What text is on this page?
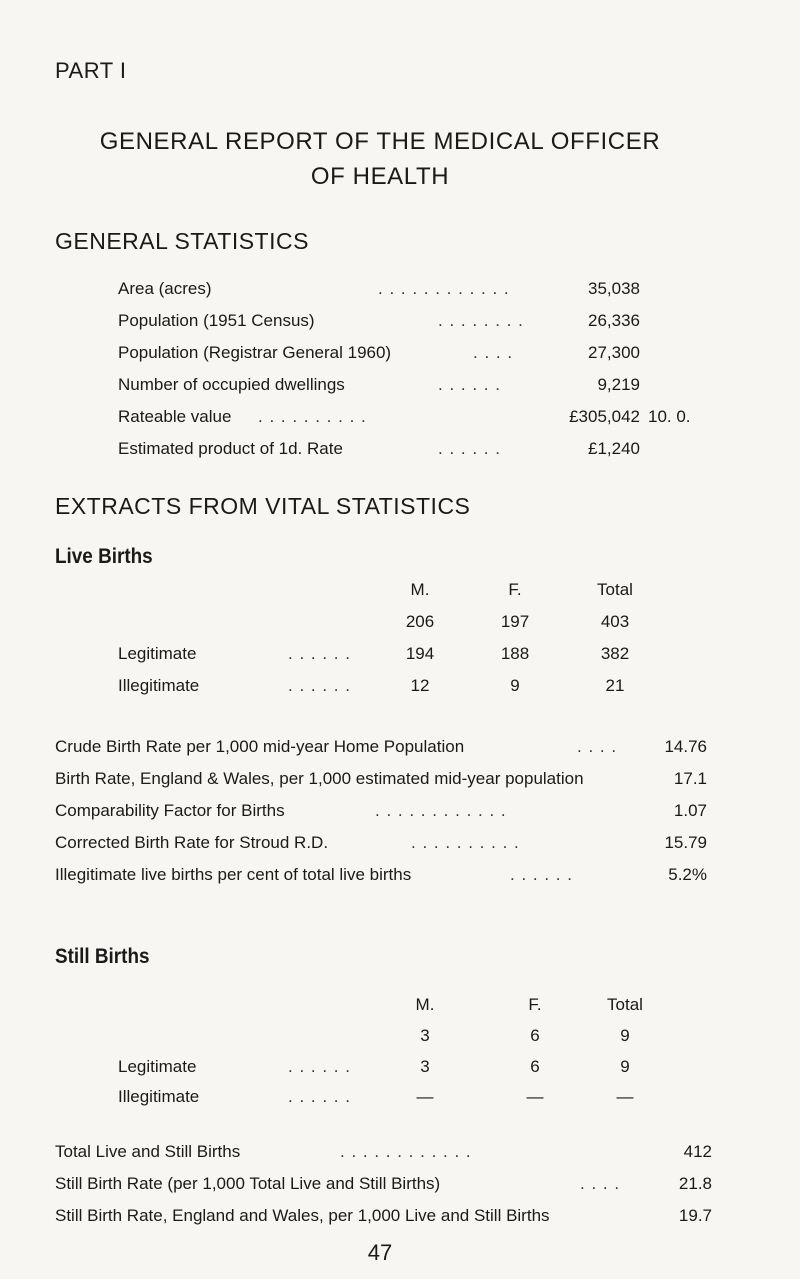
PART I
GENERAL REPORT OF THE MEDICAL OFFICER
OF HEALTH
GENERAL STATISTICS
Area (acres)	. . . . . . . . . . . .	35,038
Population (1951 Census)	. . . . . . . .	26,336
Population (Registrar General 1960)	. . . .	27,300
Number of occupied dwellings	. . . . . .	9,219
Rateable value . . . . . . . . . .	£305,042 10. 0.
Estimated product of 1d. Rate	. . . . . .	£1,240
EXTRACTS FROM VITAL STATISTICS
Live Births
M.	F.	Total
206	197	403
Legitimate	. . . . . .	194	188	382
Illegitimate	. . . . . .	12	9	21
Crude Birth Rate per 1,000 mid-year Home Population	. . . .	14.76
Birth Rate, England & Wales, per 1,000 estimated mid-year population	17.1
Comparability Factor for Births	. . . . . . . . . . . .	1.07
Corrected Birth Rate for Stroud R.D.	. . . . . . . . . .	15.79
Illegitimate live births per cent of total live births	. . . . . .	5.2%
Still Births
M.	F.	Total
3	6	9
Legitimate	. . . . . .	3	6	9
Illegitimate	. . . . . .	—	—	—
Total Live and Still Births	. . . . . . . . . . . .	412
Still Birth Rate (per 1,000 Total Live and Still Births)	. . . .	21.8
Still Birth Rate, England and Wales, per 1,000 Live and Still Births	19.7
47
